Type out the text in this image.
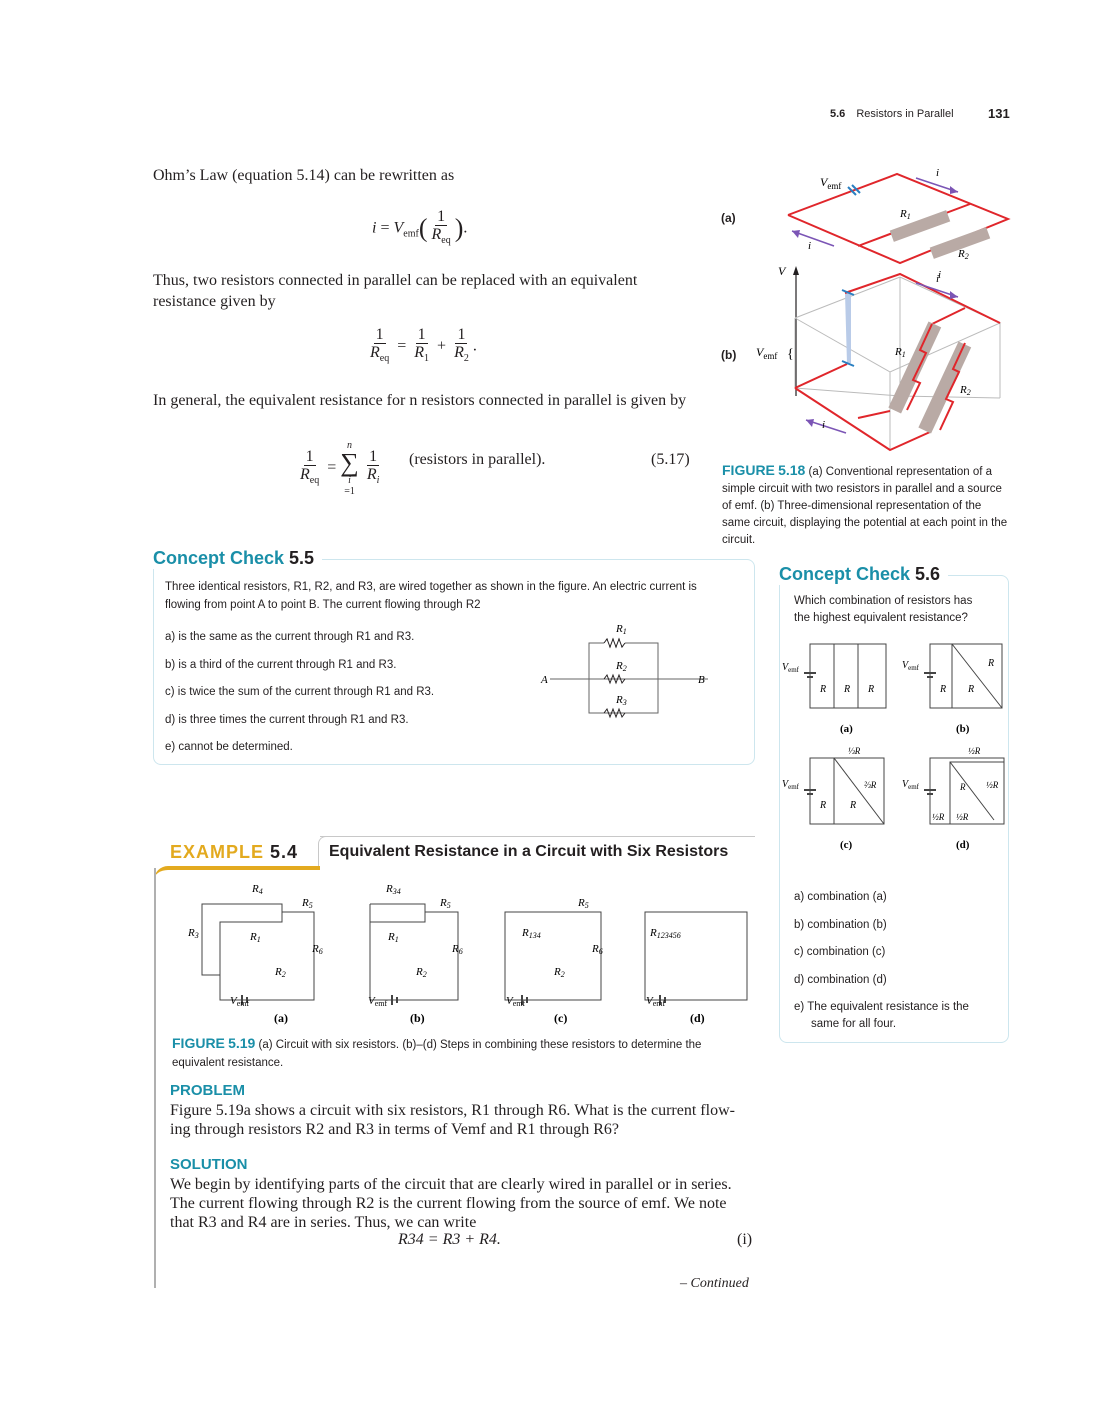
5.6 Resistors in Parallel	131
Ohm’s Law (equation 5.14) can be rewritten as
$i = V_{emf}( \frac{1}{R_{eq}}$ ).
Thus, two resistors connected in parallel can be replaced with an equivalent
resistance given by
$\frac{1}{R_{eq}} = \frac{1}{R_1} + \frac{1}{R_2}$ .
In general, the equivalent resistance for n resistors connected in parallel is given by
$\frac{1}{R_{eq}}$ =
n
∑
i
=1
$\frac{1}{R_i}$ (resistors in parallel).	(5.17)
(a)
(b)
$V_{emf}$
R1
R2
i
i
i
V
$V_{emf}$ {	R1
R2
i
i
FIGURE 5.18 (a) Conventional representation of a simple circuit with two resistors in parallel and a source of emf. (b) Three-dimensional representation of the same circuit, displaying the potential at each point in the circuit.
Concept Check 5.5
Three identical resistors, R1, R2, and R3, are wired together as shown in the figure. An electric current is
flowing from point A to point B. The current flowing through R2
a) is the same as the current through R1 and R3.
b) is a third of the current through R1 and R3.
c) is twice the sum of the current through R1 and R3.
d) is three times the current through R1 and R3.
e) cannot be determined.
R1
R2
R3
A	B
Concept Check 5.6
Which combination of resistors has
the highest equivalent resistance?
$V_{emf}$	$V_{emf}$
$V_{emf}$	$V_{emf}$
R R R	R R
R
R R
⅓R
⅔R
½R
½R
½R ½R
R
(a)	(b)
(c)	(d)
a) combination (a)
b) combination (b)
c) combination (c)
d) combination (d)
e) The equivalent resistance is the
same for all four.
EXAMPLE 5.4 Equivalent Resistance in a Circuit with Six Resistors
R4
R5
R3	R1
R6
R2
Vemf
R34
R5
R1
R6
R2
Vemf
R134
R5
R6
R2
Vemf
R123456
Vemf
(a)	(b)	(c)	(d)
FIGURE 5.19 (a) Circuit with six resistors. (b)–(d) Steps in combining these resistors to determine the
equivalent resistance.
PROBLEM
Figure 5.19a shows a circuit with six resistors, R1 through R6. What is the current flow-
ing through resistors R2 and R3 in terms of Vemf and R1 through R6?
SOLUTION
We begin by identifying parts of the circuit that are clearly wired in parallel or in series.
The current flowing through R2 is the current flowing from the source of emf. We note
that R3 and R4 are in series. Thus, we can write
R34 = R3 + R4.	(i)
– Continued
